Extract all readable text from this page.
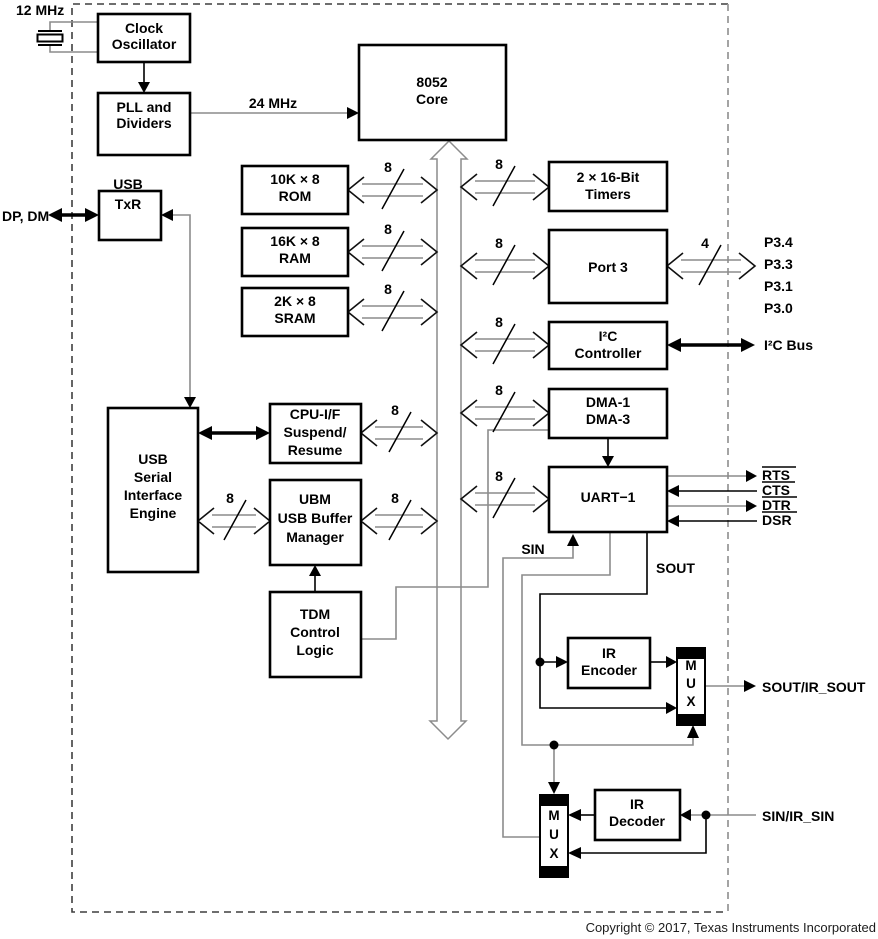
Clock
Oscillator
PLL and
Dividers
8052
Core
10K × 8
ROM
16K × 8
RAM
2K × 8
SRAM
USB
TxR
USB
Serial
Interface
Engine
CPU-I/F
Suspend/
Resume
UBM
USB Buffer
Manager
TDM
Control
Logic
2 × 16-Bit
Timers
Port 3
I²C
Controller
DMA-1
DMA-3
UART−1
IR
Encoder
IR
Decoder
M
U
X
M
U
X
12 MHz
24 MHz
DP, DM
RTS
CTS
DTR
DSR
SIN
SOUT
SOUT/IR_SOUT
SIN/IR_SIN
I²C Bus
P3.4
P3.3
P3.1
P3.0
8
8
8
8
8
8
8
8
8
8
8
4
Copyright © 2017, Texas Instruments Incorporated
